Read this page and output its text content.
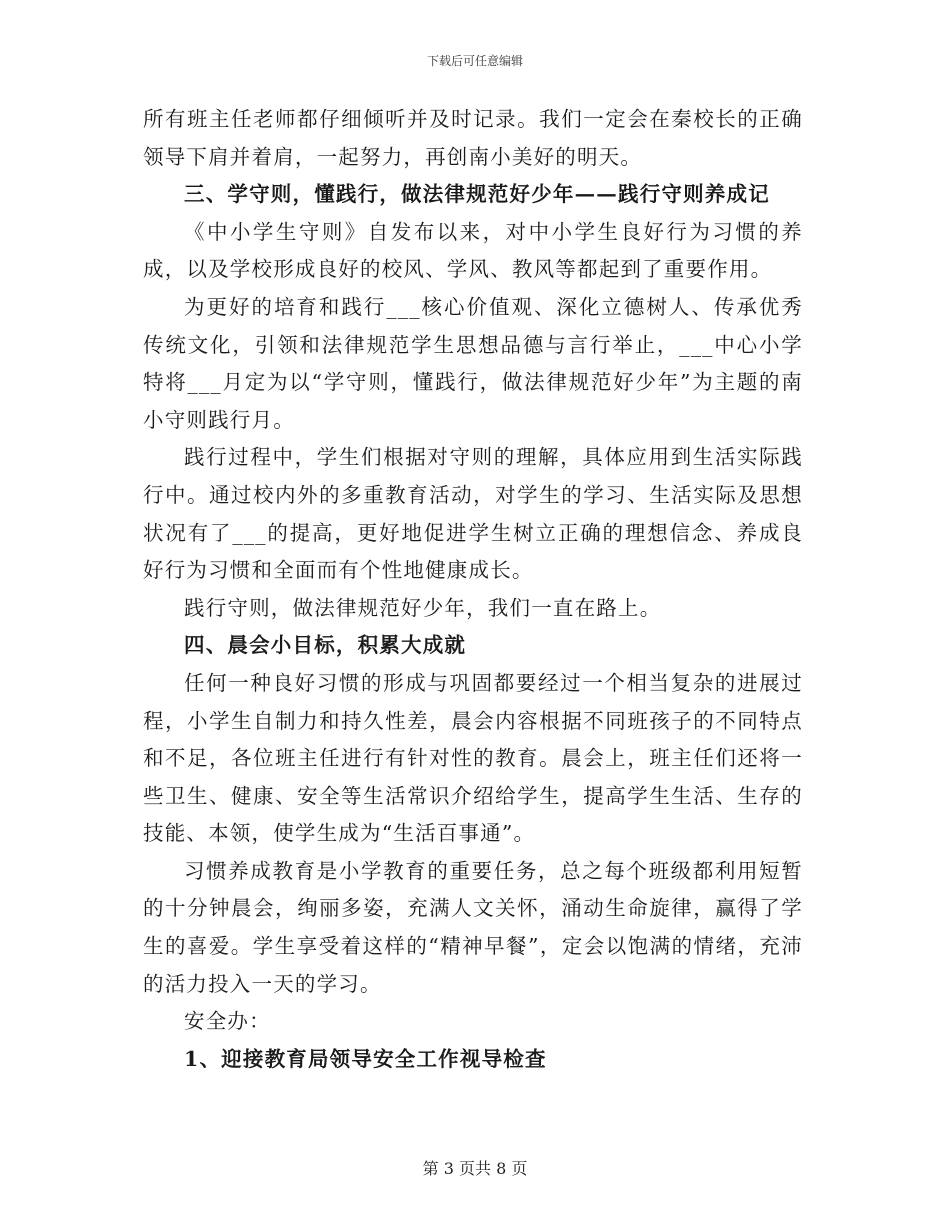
下载后可任意编辑

所有班主任老师都仔细倾听并及时记录。我们一定会在秦校长的正确领导下肩并着肩，一起努力，再创南小美好的明天。

三、学守则，懂践行，做法律规范好少年——践行守则养成记

《中小学生守则》自发布以来，对中小学生良好行为习惯的养成，以及学校形成良好的校风、学风、教风等都起到了重要作用。

为更好的培育和践行___核心价值观、深化立德树人、传承优秀传统文化，引领和法律规范学生思想品德与言行举止，___中心小学特将___月定为以“学守则，懂践行，做法律规范好少年”为主题的南小守则践行月。

践行过程中，学生们根据对守则的理解，具体应用到生活实际践行中。通过校内外的多重教育活动，对学生的学习、生活实际及思想状况有了___的提高，更好地促进学生树立正确的理想信念、养成良好行为习惯和全面而有个性地健康成长。

践行守则，做法律规范好少年，我们一直在路上。

四、晨会小目标，积累大成就

任何一种良好习惯的形成与巩固都要经过一个相当复杂的进展过程，小学生自制力和持久性差，晨会内容根据不同班孩子的不同特点和不足，各位班主任进行有针对性的教育。晨会上，班主任们还将一些卫生、健康、安全等生活常识介绍给学生，提高学生生活、生存的技能、本领，使学生成为“生活百事通”。

习惯养成教育是小学教育的重要任务，总之每个班级都利用短暂的十分钟晨会，绚丽多姿，充满人文关怀，涌动生命旋律，赢得了学生的喜爱。学生享受着这样的“精神早餐”，定会以饱满的情绪，充沛的活力投入一天的学习。

安全办：

1、迎接教育局领导安全工作视导检查

第 3 页共 8 页
